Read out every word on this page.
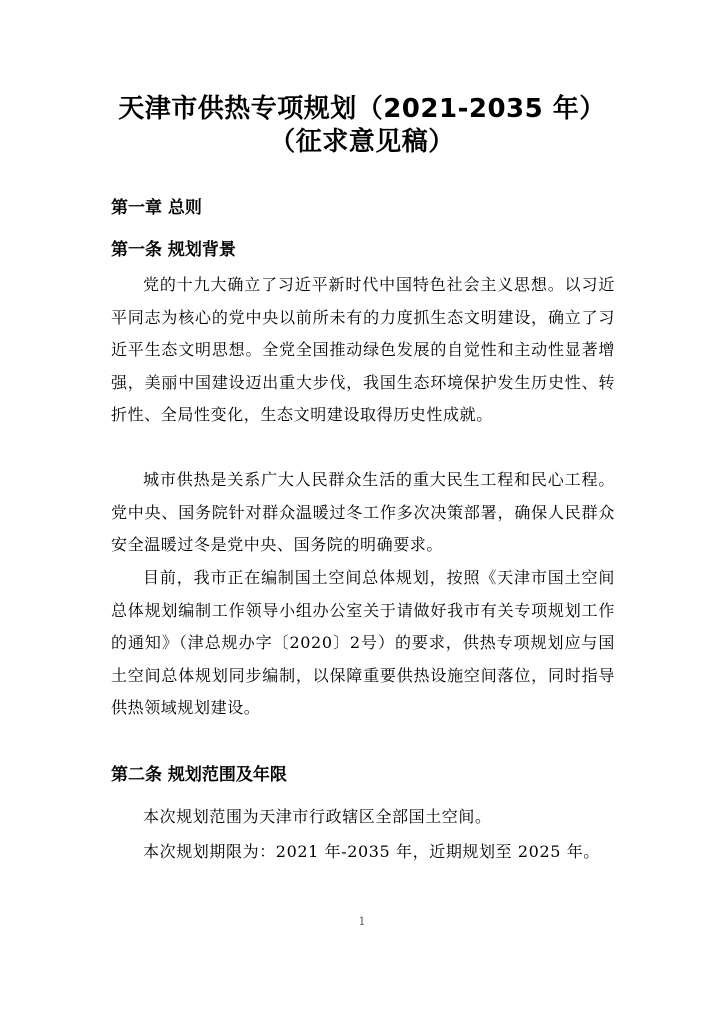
天津市供热专项规划（2021-2035 年）
（征求意见稿）
第一章 总则
第一条 规划背景

党的十九大确立了习近平新时代中国特色社会主义思想。以习近平同志为核心的党中央以前所未有的力度抓生态文明建设，确立了习近平生态文明思想。全党全国推动绿色发展的自觉性和主动性显著增强，美丽中国建设迈出重大步伐，我国生态环境保护发生历史性、转折性、全局性变化，生态文明建设取得历史性成就。

城市供热是关系广大人民群众生活的重大民生工程和民心工程。党中央、国务院针对群众温暖过冬工作多次决策部署，确保人民群众安全温暖过冬是党中央、国务院的明确要求。

目前，我市正在编制国土空间总体规划，按照《天津市国土空间总体规划编制工作领导小组办公室关于请做好我市有关专项规划工作的通知》（津总规办字〔2020〕2号）的要求，供热专项规划应与国土空间总体规划同步编制，以保障重要供热设施空间落位，同时指导供热领域规划建设。

第二条 规划范围及年限

本次规划范围为天津市行政辖区全部国土空间。

本次规划期限为：2021 年-2035 年，近期规划至 2025 年。

1
